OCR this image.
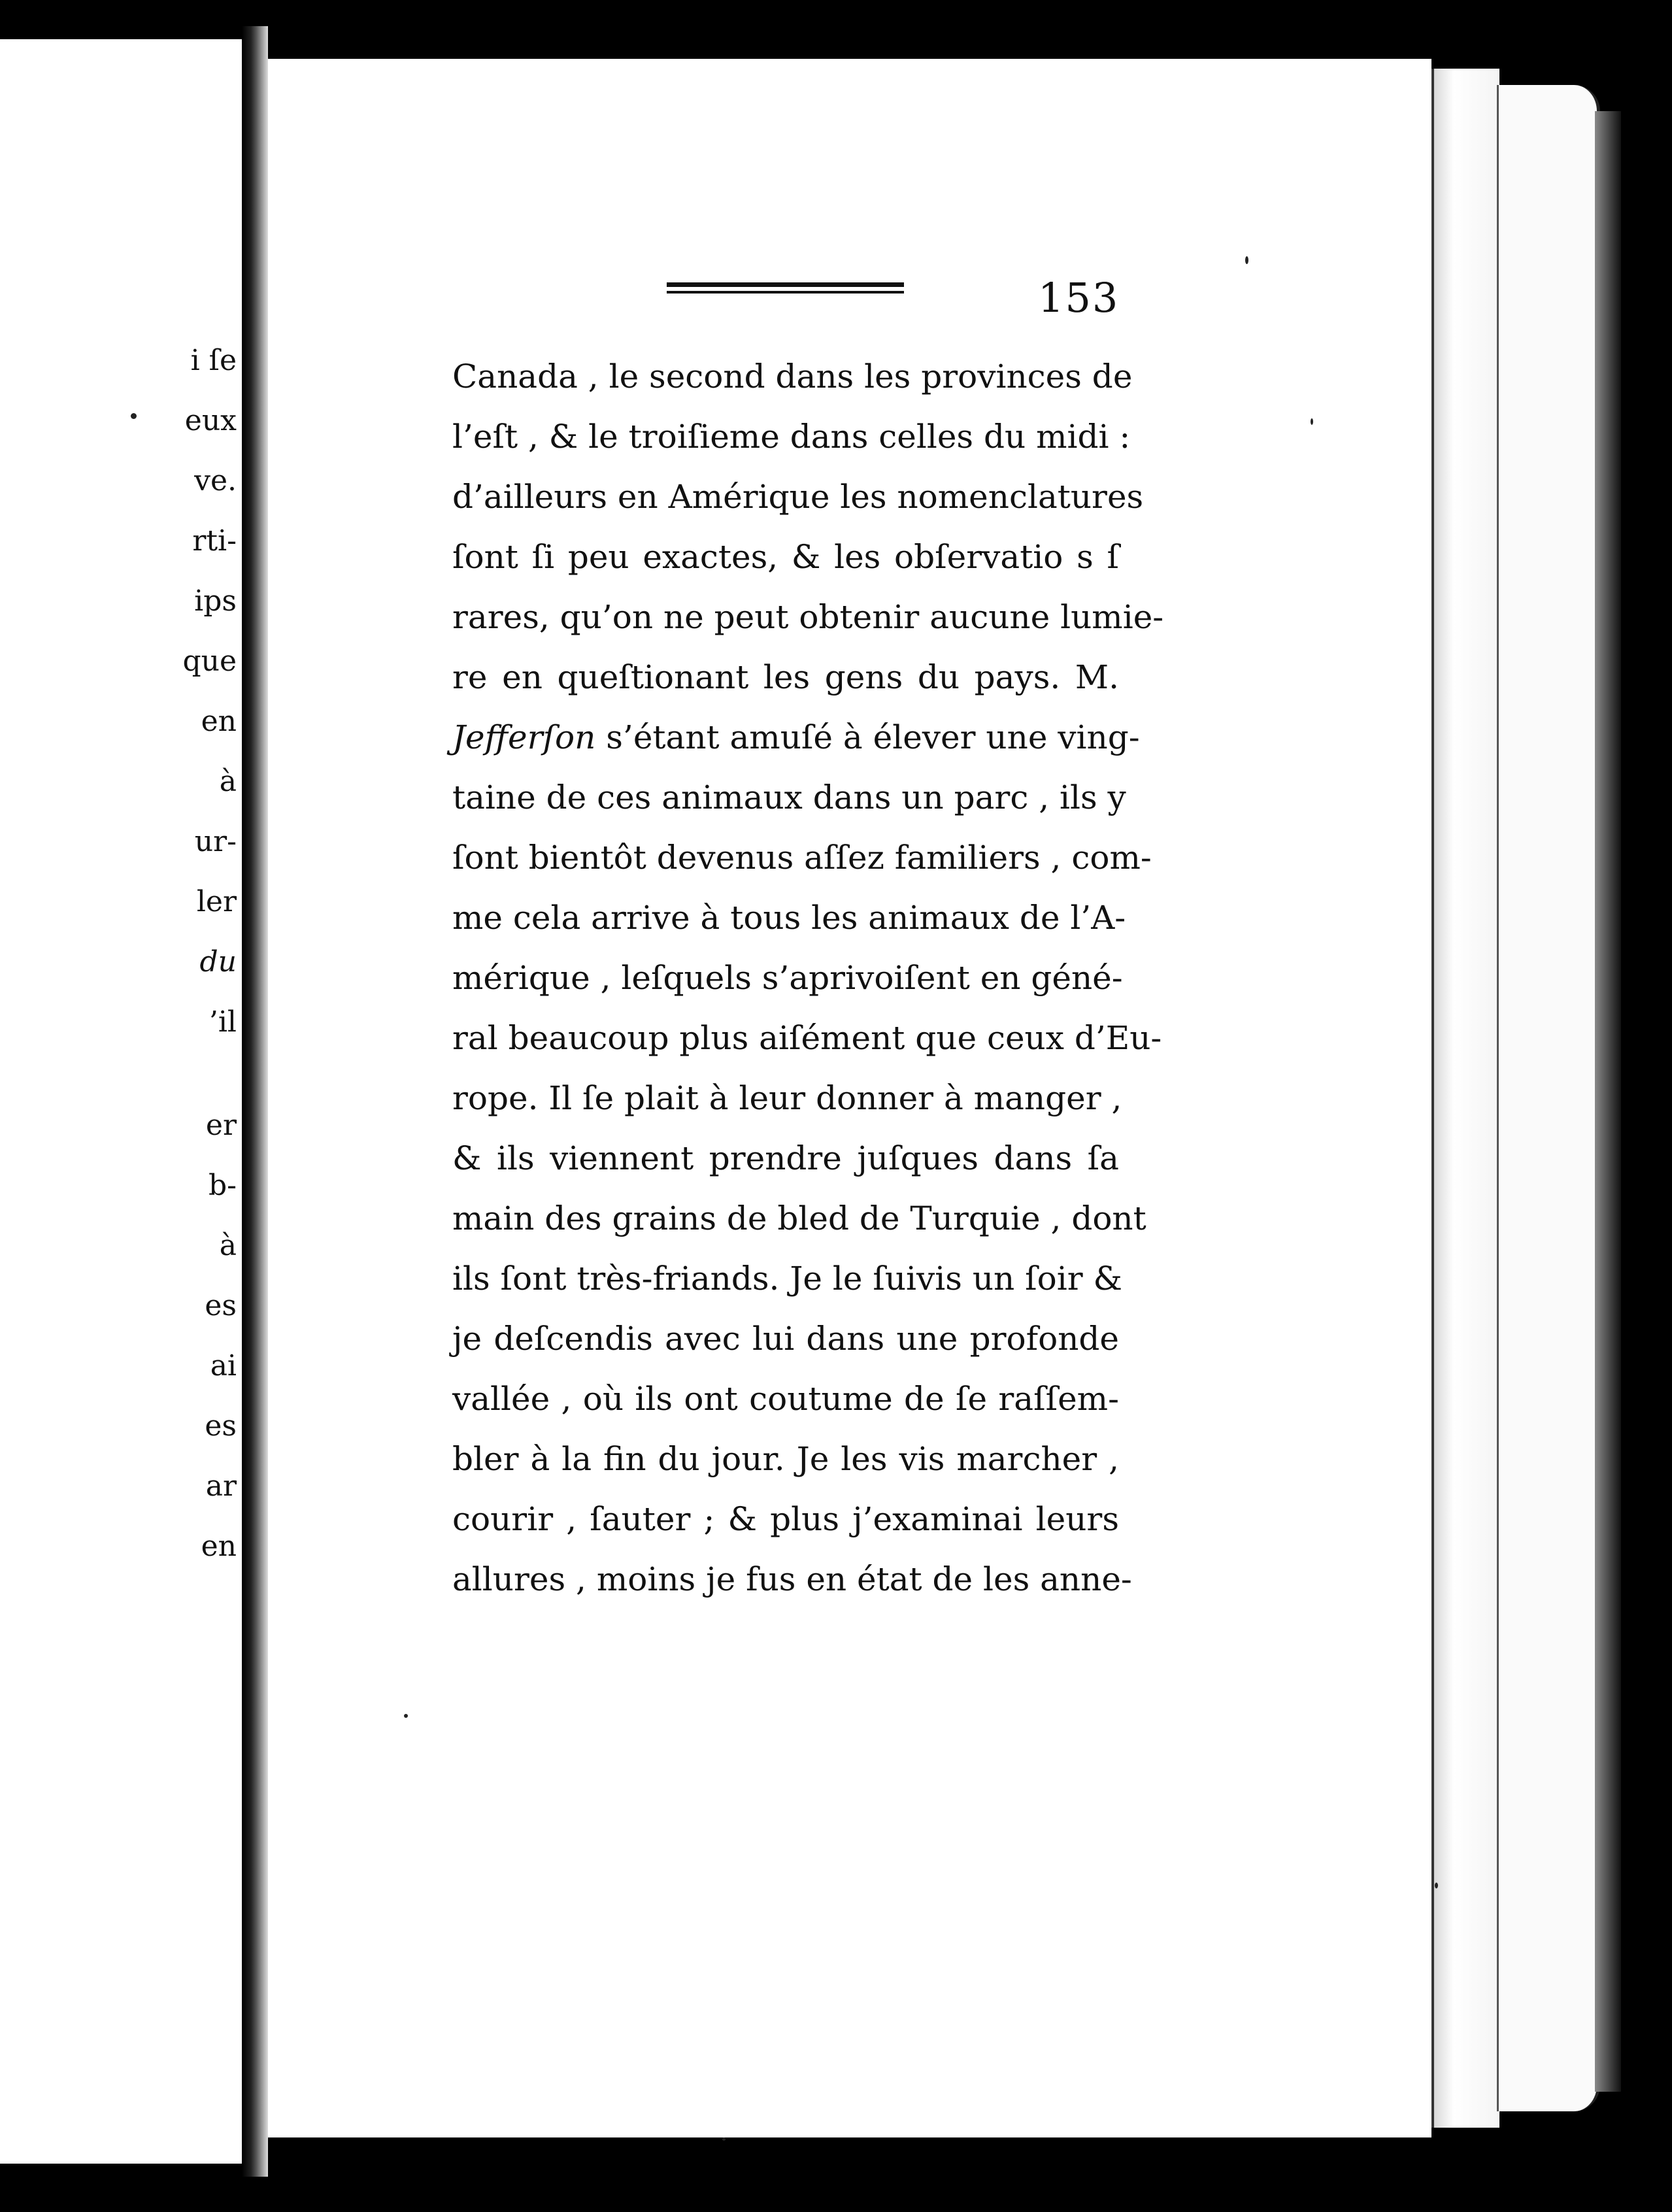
i ſe
eux
ve.
rti-
ips
que
en
à
ur-
ler
du
’il
er
b-
à
es
ai
es
ar
en
153
Canada , le second dans les provinces de
l’eſt , & le troiſieme dans celles du midi :
d’ailleurs en Amérique les nomenclatures
ſont ſi peu exactes, & les obſervatio s ſ
rares, qu’on ne peut obtenir aucune lumie-
re en queſtionant les gens du pays. M.
Jefferſon s’étant amuſé à élever une ving-
taine de ces animaux dans un parc , ils y
ſont bientôt devenus aſſez familiers , com-
me cela arrive à tous les animaux de l’A-
mérique , leſquels s’aprivoiſent en géné-
ral beaucoup plus aiſément que ceux d’Eu-
rope. Il ſe plait à leur donner à manger ,
& ils viennent prendre juſques dans ſa
main des grains de bled de Turquie , dont
ils ſont très-friands. Je le ſuivis un ſoir &
je deſcendis avec lui dans une profonde
vallée , où ils ont coutume de ſe raſſem-
bler à la fin du jour. Je les vis marcher ,
courir , ſauter ; & plus j’examinai leurs
allures , moins je fus en état de les anne-
